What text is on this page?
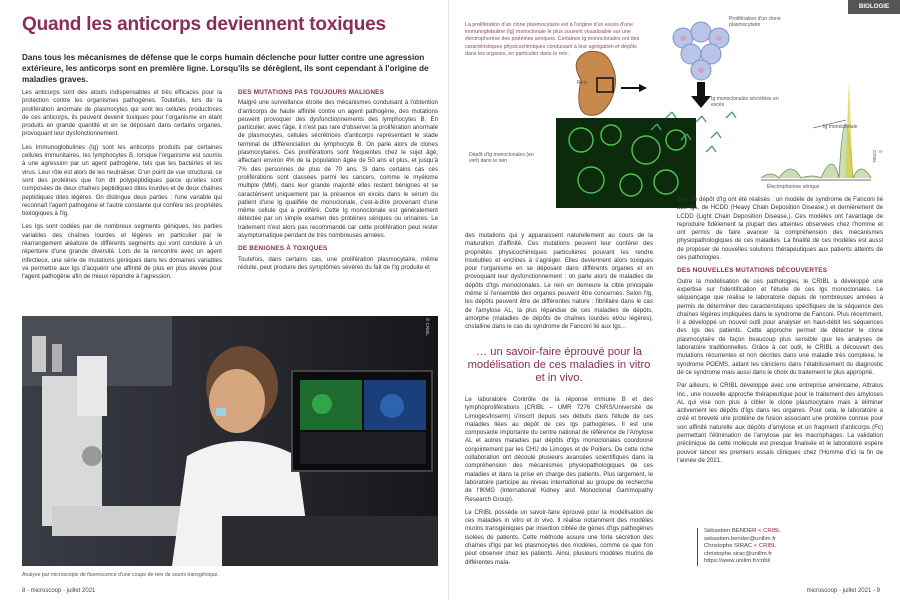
Quand les anticorps deviennent toxiques

Dans tous les mécanismes de défense que le corps humain déclenche pour lutter contre une agression extérieure, les anticorps sont en première ligne. Lorsqu'ils se dérèglent, ils sont cependant à l'origine de maladies graves.

Les anticorps sont des atouts indispensables et très efficaces pour la protection contre les organismes pathogènes. Toutefois, lors de la prolifération anormale de plasmocytes qui sont les cellules productrices de ces anticorps, ils peuvent devenir toxiques pour l'organisme en étant produits en grande quantité et en se déposant dans certains organes, provoquant leur dysfonctionnement.

Les immunoglobulines (Ig) sont les anticorps produits par certaines cellules immunitaires, les lymphocytes B, lorsque l'organisme est soumis à une agression par un agent pathogène, tels que les bactéries et les virus. Leur rôle est alors de les neutraliser. D'un point de vue structural, ce sont des protéines que l'on dit polypeptidiques parce qu'elles sont composées de deux chaînes peptidiques dites lourdes et de deux chaînes peptidiques dites légères. On distingue deux parties : l'une variable qui reconnaît l'agent pathogène et l'autre constante qui confère les propriétés biologiques à l'Ig.

Les Igs sont codées par de nombreux segments géniques, les parties variables des chaînes lourdes et légères en particulier par le réarrangement aléatoire de différents segments qui vont conduire à un répertoire d'une grande diversité. Lors de la rencontre avec un agent infectieux, une série de mutations géniques dans les domaines variables va permettre aux Igs d'acquérir une affinité de plus en plus élevée pour l'agent pathogène afin de mieux répondre à l'agression.

DES MUTATIONS PAS TOUJOURS MALIGNES

Malgré une surveillance étroite des mécanismes conduisant à l'obtention d'anticorps de haute affinité contre un agent pathogène, des mutations peuvent provoquer des dysfonctionnements des lymphocytes B. En particulier, avec l'âge, il n'est pas rare d'observer la prolifération anormale de plasmocytes, cellules sécrétrices d'anticorps représentant le stade terminal de différenciation du lymphocyte B. On parle alors de clones plasmocytaires. Ces proliférations sont fréquentes chez le sujet âgé, affectant environ 4% de la population âgée de 50 ans et plus, et jusqu'à 7% des personnes de plus de 70 ans. Si dans certains cas ces proliférations sont classées parmi les cancers, comme le myélome multiple (MM), dans leur grande majorité elles restent bénignes et se caractérisent uniquement par la présence en excès dans le sérum du patient d'une Ig qualifiée de monoclonale, c'est-à-dire provenant d'une même cellule qui a proliféré. Cette Ig monoclonale est généralement détectée par un simple examen des protéines sériques ou urinaires. Le traitement n'est alors pas recommandé car cette prolifération peut rester asymptomatique pendant de très nombreuses années.

DE BENIGNES À TOXIQUES

Toutefois, dans certains cas, une prolifération plasmocytaire, même réduite, peut produire des symptômes sévères du fait de l'Ig produite et

© CRIBL
Analyse par microscopie de fluorescence d'une coupe de rein de souris transgénique.
8 - microscoop - juillet 2021
BIOLOGIE
La prolifération d'un clone plasmocytaire est à l'origine d'un excès d'une immunoglobuline (Ig) monoclonale le plus souvent visualisable sur une électrophorèse des protéines sériques. Certaines Ig monoclonales ont des caractéristiques physicochimiques conduisant à leur agrégation et dépôts dans les organes, en particulier dans le rein.
Rein
Dépôt d'Ig monoclonales (en vert) dans le rein
Prolifération d'un clone plasmocytaire
Ig monoclonales sécrétées en excès
Ig monoclonale
Électrophorèse sérique
© CRIBL

des mutations qui y apparaissent naturellement au cours de la maturation d'affinité. Ces mutations peuvent leur conférer des propriétés physicochimiques particulières pouvant les rendre insolubles et enclines à s'agréger. Elles deviennent alors toxiques pour l'organisme en se déposant dans différents organes et en provoquant leur dysfonctionnement : on parle alors de maladies de dépôts d'Igs monoclonales. Le rein en demeure la cible principale même si l'ensemble des organes peuvent être concernés. Selon l'Ig, les dépôts peuvent être de différentes nature : fibrillaire dans le cas de l'amylose AL, la plus répandue de ces maladies de dépôts, amorphe (maladies de dépôts de chaînes lourdes et/ou légères), cristalline dans le cas du syndrome de Fanconi lié aux Igs…

… un savoir-faire éprouvé pour la modélisation de ces maladies in vitro et in vivo.

Le laboratoire Contrôle de la réponse immune B et des lymphoproliférations (CRIBL – UMR 7276 CNRS/Université de Limoges/Inserm) s'inscrit depuis ses débuts dans l'étude de ces maladies liées au dépôt de ces Igs pathogènes. Il est une composante importante du centre national de référence de l'Amylose AL et autres maladies par dépôts d'Igs monoclonales coordonné conjointement par les CHU de Limoges et de Poitiers. De cette riche collaboration ont découlé plusieurs avancées scientifiques dans la compréhension des mécanismes physiopathologiques de ces maladies et dans la prise en charge des patients. Plus largement, le laboratoire participe au niveau international au groupe de recherche de l'IKMG (International Kidney and Monoclonal Gammopathy Research Group).

Le CRIBL possède un savoir-faire éprouvé pour la modélisation de ces maladies in vitro et in vivo. Il réalise notamment des modèles murins transgéniques par insertion ciblée de gènes d'Igs pathogènes isolées de patients. Cette méthode assure une forte sécrétion des chaînes d'Igs par les plasmocytes des modèles, comme ce que l'on peut observer chez les patients. Ainsi, plusieurs modèles murins de différentes mala-

dies de dépôt d'Ig ont été réalisés : un modèle de syndrome de Fanconi lié aux Igs, de HCDD (Heavy Chain Deposition Disease,) et dernièrement de LCDD (Light Chain Deposition Disease,). Ces modèles ont l'avantage de reproduire fidèlement la plupart des atteintes observées chez l'homme et ont permis de faire avancer la compréhension des mécanismes physiopathologiques de ces maladies. La finalité de ces modèles est aussi de proposer de nouvelles solutions thérapeutiques aux patients atteints de ces pathologies.

DES NOUVELLES MUTATIONS DÉCOUVERTES

Outre la modélisation de ces pathologies, le CRIBL a développé une expertise sur l'identification et l'étude de ces Igs monoclonales. Le séquençage que réalise le laboratoire depuis de nombreuses années a permis de déterminer des caractéristiques spécifiques de la séquence des chaînes légères impliquées dans le syndrome de Fanconi. Plus récemment, il a développé un nouvel outil pour analyser en haut-débit les séquences des Igs des patients. Cette approche permet de détecter le clone plasmocytaire de façon beaucoup plus sensible que les analyses de laboratoire traditionnelles. Grâce à cet outil, le CRIBL a découvert des mutations récurrentes et non décrites dans une maladie très complexe, le syndrome POEMS, aidant les cliniciens dans l'établissement du diagnostic de ce syndrome mais aussi dans le choix du traitement le plus approprié.

Par ailleurs, le CRIBL développe avec une entreprise américaine, Attralus Inc., une nouvelle approche thérapeutique pour le traitement des amyloses AL qui vise non plus à cibler le clone plasmocytaire mais à éliminer activement les dépôts d'Igs dans les organes. Pour cela, le laboratoire a créé et breveté une protéine de fusion associant une protéine connue pour son affinité naturelle aux dépôts d'amylose et un fragment d'anticorps (Fc) permettant l'élimination de l'amylose par les macrophages. La validation préclinique de cette molécule est presque finalisée et le laboratoire espère pouvoir lancer les premiers essais cliniques chez l'Homme d'ici la fin de l'année de 2021.

Sébastien BENDER < CRIBL
sebastien.bender@unilim.fr
Christophe SIRAC < CRIBL
christophe.sirac@unilim.fr
https://www.unilim.fr/cribl/
microscoop - juillet 2021 - 9
